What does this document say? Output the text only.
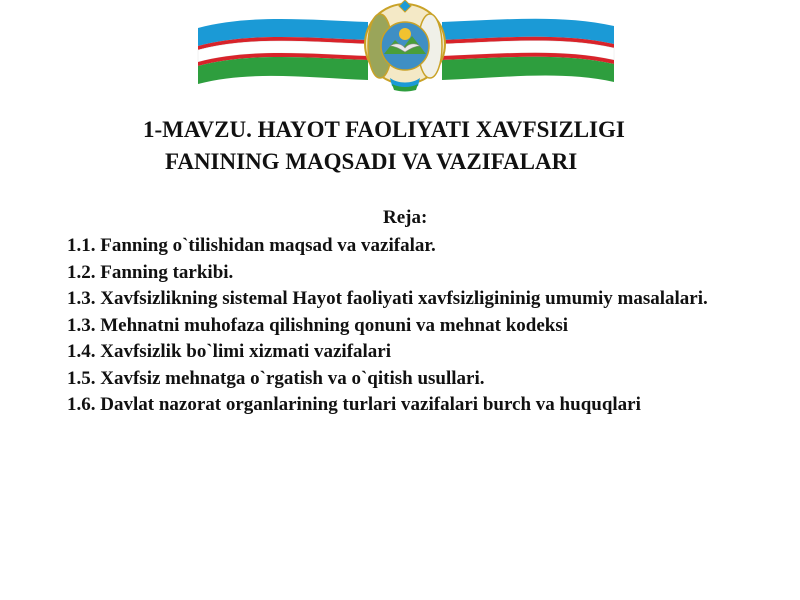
1-MAVZU. HAYOT FAOLIYATI XAVFSIZLIGI
FANINING MAQSADI VA VAZIFALARI
Reja:

1.1. Fanning o`tilishidan maqsad va vazifalar.

1.2. Fanning tarkibi.

1.3. Xavfsizlikning sistemal Hayot faoliyati xavfsizligininig umumiy masalalari.

1.3. Mehnatni muhofaza qilishning qonuni va mehnat kodeksi

1.4. Xavfsizlik bo`limi xizmati vazifalari

1.5. Xavfsiz mehnatga o`rgatish va o`qitish usullari.

1.6. Davlat nazorat organlarining turlari vazifalari burch va huquqlari
